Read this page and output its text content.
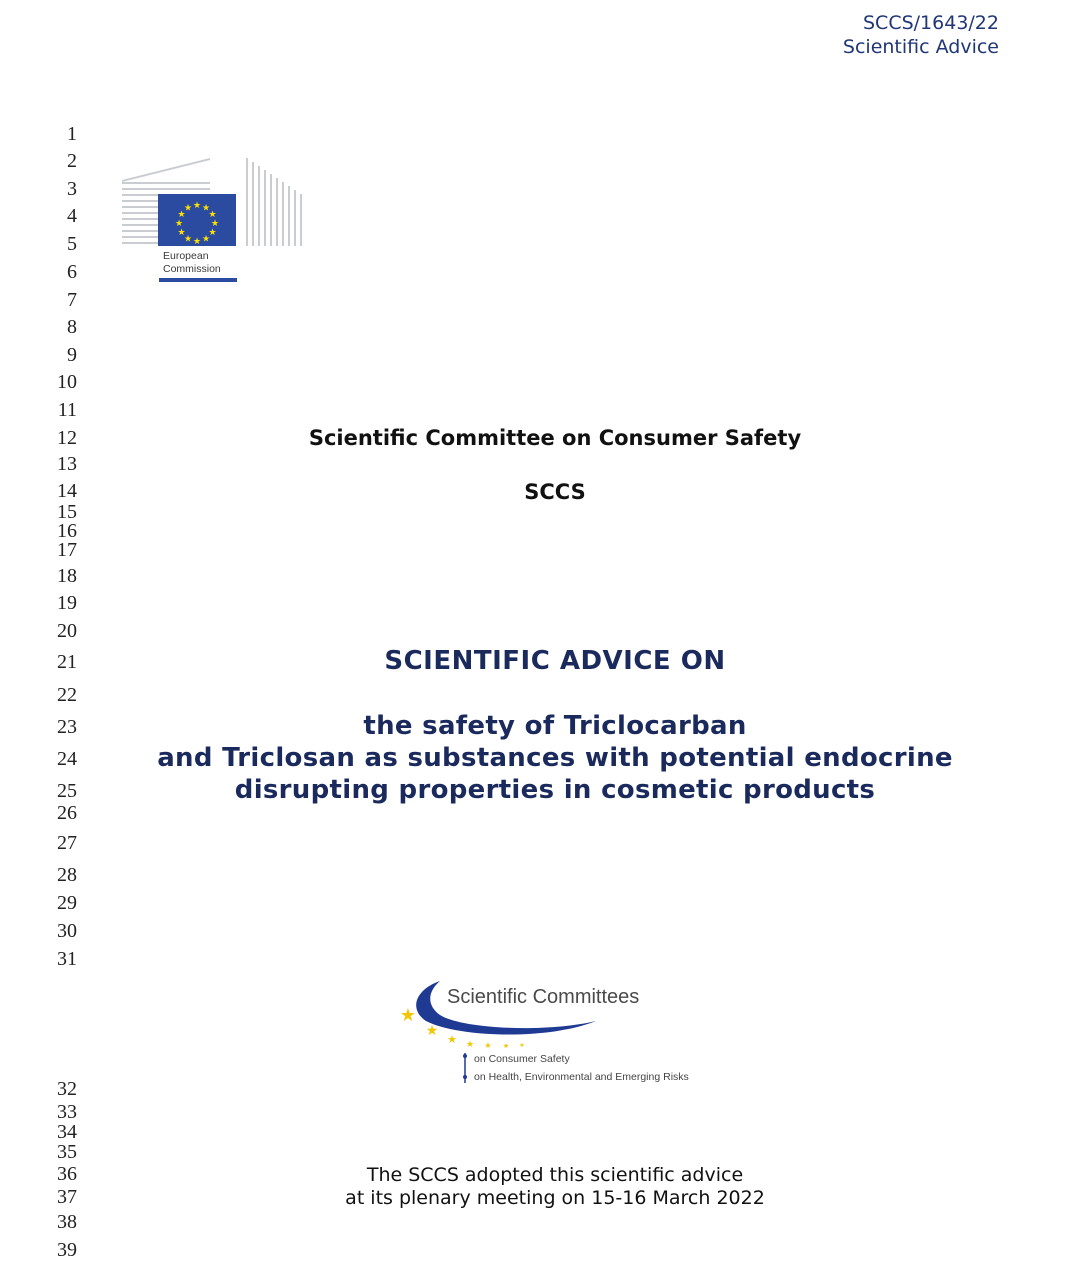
SCCS/1643/22
Scientific Advice
1
2
3
4
5
6
7
8
9
10
11
12
13
14
15
16
17
18
19
20
21
22
23
24
25
26
27
28
29
30
31
32
33
34
35
36
37
38
39
★ ★
★
★
★
★
★
★
★
★
★
★
European
Commission
Scientific Committee on Consumer Safety
SCCS
SCIENTIFIC ADVICE ON
the safety of Triclocarban
and Triclosan as substances with potential endocrine
disrupting properties in cosmetic products
★
★
★ ★ ★ ★ ★
Scientific Committees
on Consumer Safety
on Health, Environmental and Emerging Risks
The SCCS adopted this scientific advice
at its plenary meeting on 15-16 March 2022
